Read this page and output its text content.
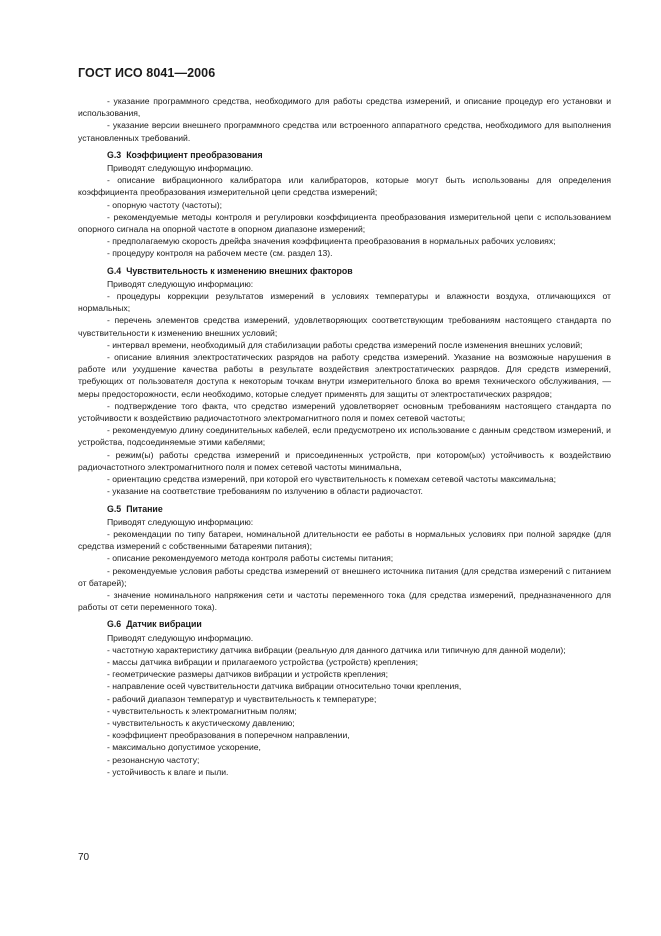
ГОСТ ИСО 8041—2006

- указание программного средства, необходимого для работы средства измерений, и описание процедур его установки и использования,

- указание версии внешнего программного средства или встроенного аппаратного средства, необходимого для выполнения установленных требований.

G.3 Коэффициент преобразования

Приводят следующую информацию.

- описание вибрационного калибратора или калибраторов, которые могут быть использованы для определения коэффициента преобразования измерительной цепи средства измерений;

- опорную частоту (частоты);

- рекомендуемые методы контроля и регулировки коэффициента преобразования измерительной цепи с использованием опорного сигнала на опорной частоте в опорном диапазоне измерений;

- предполагаемую скорость дрейфа значения коэффициента преобразования в нормальных рабочих условиях;

- процедуру контроля на рабочем месте (см. раздел 13).

G.4 Чувствительность к изменению внешних факторов

Приводят следующую информацию:

- процедуры коррекции результатов измерений в условиях температуры и влажности воздуха, отличающихся от нормальных;

- перечень элементов средства измерений, удовлетворяющих соответствующим требованиям настоящего стандарта по чувствительности к изменению внешних условий;

- интервал времени, необходимый для стабилизации работы средства измерений после изменения внешних условий;

- описание влияния электростатических разрядов на работу средства измерений. Указание на возможные нарушения в работе или ухудшение качества работы в результате воздействия электростатических разрядов. Для средств измерений, требующих от пользователя доступа к некоторым точкам внутри измерительного блока во время технического обслуживания, — меры предосторожности, если необходимо, которые следует применять для защиты от электростатических разрядов;

- подтверждение того факта, что средство измерений удовлетворяет основным требованиям настоящего стандарта по устойчивости к воздействию радиочастотного электромагнитного поля и помех сетевой частоты;

- рекомендуемую длину соединительных кабелей, если предусмотрено их использование с данным средством измерений, и устройства, подсоединяемые этими кабелями;

- режим(ы) работы средства измерений и присоединенных устройств, при котором(ых) устойчивость к воздействию радиочастотного электромагнитного поля и помех сетевой частоты минимальна,

- ориентацию средства измерений, при которой его чувствительность к помехам сетевой частоты максимальна;

- указание на соответствие требованиям по излучению в области радиочастот.

G.5 Питание

Приводят следующую информацию:

- рекомендации по типу батареи, номинальной длительности ее работы в нормальных условиях при полной зарядке (для средства измерений с собственными батареями питания);

- описание рекомендуемого метода контроля работы системы питания;

- рекомендуемые условия работы средства измерений от внешнего источника питания (для средства измерений с питанием от батарей);

- значение номинального напряжения сети и частоты переменного тока (для средства измерений, предназначенного для работы от сети переменного тока).

G.6 Датчик вибрации

Приводят следующую информацию.

- частотную характеристику датчика вибрации (реальную для данного датчика или типичную для данной модели);

- массы датчика вибрации и прилагаемого устройства (устройств) крепления;

- геометрические размеры датчиков вибрации и устройств крепления;

- направление осей чувствительности датчика вибрации относительно точки крепления,

- рабочий диапазон температур и чувствительность к температуре;

- чувствительность к электромагнитным полям;

- чувствительность к акустическому давлению;

- коэффициент преобразования в поперечном направлении,

- максимально допустимое ускорение,

- резонансную частоту;

- устойчивость к влаге и пыли.

70
